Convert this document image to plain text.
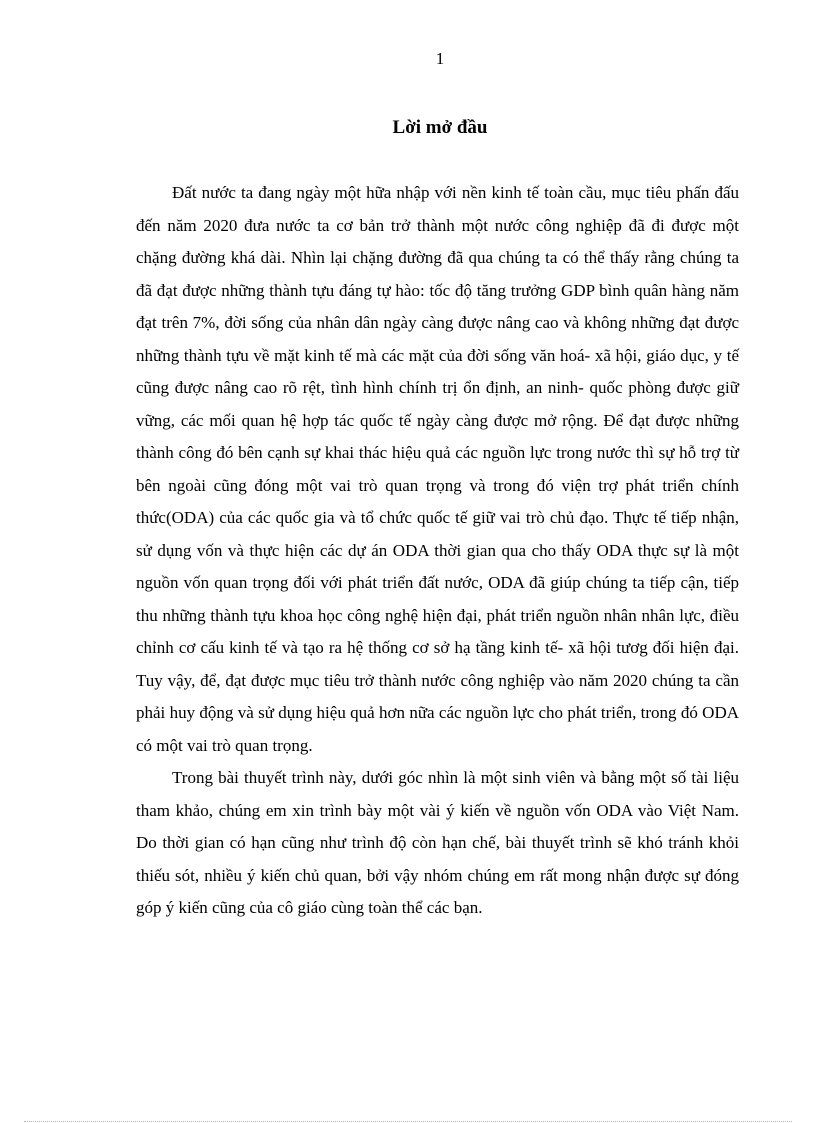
1
Lời mở đầu

Đất nước ta đang ngày một hữa nhập với nền kinh tế toàn cầu, mục tiêu phấn đấu đến năm 2020 đưa nước ta cơ bản trở thành một nước công nghiệp đã đi được một chặng đường khá dài. Nhìn lại chặng đường đã qua chúng ta có thể thấy rằng chúng ta đã đạt được những thành tựu đáng tự hào: tốc độ tăng trưởng GDP bình quân hàng năm đạt trên 7%, đời sống của nhân dân ngày càng được nâng cao và không những đạt được những thành tựu về mặt kinh tế mà các mặt của đời sống văn hoá- xã hội, giáo dục, y tế cũng được nâng cao rõ rệt, tình hình chính trị ổn định, an ninh- quốc phòng được giữ vững, các mối quan hệ hợp tác quốc tế ngày càng được mở rộng. Để đạt được những thành công đó bên cạnh sự khai thác hiệu quả các nguồn lực trong nước thì sự hỗ trợ từ bên ngoài cũng đóng một vai trò quan trọng và trong đó viện trợ phát triển chính thức(ODA) của các quốc gia và tổ chức quốc tế giữ vai trò chủ đạo. Thực tế tiếp nhận, sử dụng vốn và thực hiện các dự án ODA thời gian qua cho thấy ODA thực sự là một nguồn vốn quan trọng đối với phát triển đất nước, ODA đã giúp chúng ta tiếp cận, tiếp thu những thành tựu khoa học công nghệ hiện đại, phát triển nguồn nhân nhân lực, điều chỉnh cơ cấu kinh tế và tạo ra hệ thống cơ sở hạ tầng kinh tế- xã hội tươg đối hiện đại. Tuy vậy, để, đạt được mục tiêu trở thành nước công nghiệp vào năm 2020 chúng ta cần phải huy động và sử dụng hiệu quả hơn nữa các nguồn lực cho phát triển, trong đó ODA có một vai trò quan trọng.

Trong bài thuyết trình này, dưới góc nhìn là một sinh viên và bằng một số tài liệu tham khảo, chúng em xin trình bày một vài ý kiến về nguồn vốn ODA vào Việt Nam. Do thời gian có hạn cũng như trình độ còn hạn chế, bài thuyết trình sẽ khó tránh khỏi thiếu sót, nhiều ý kiến chủ quan, bởi vậy nhóm chúng em rất mong nhận được sự đóng góp ý kiến cũng của cô giáo cùng toàn thể các bạn.
